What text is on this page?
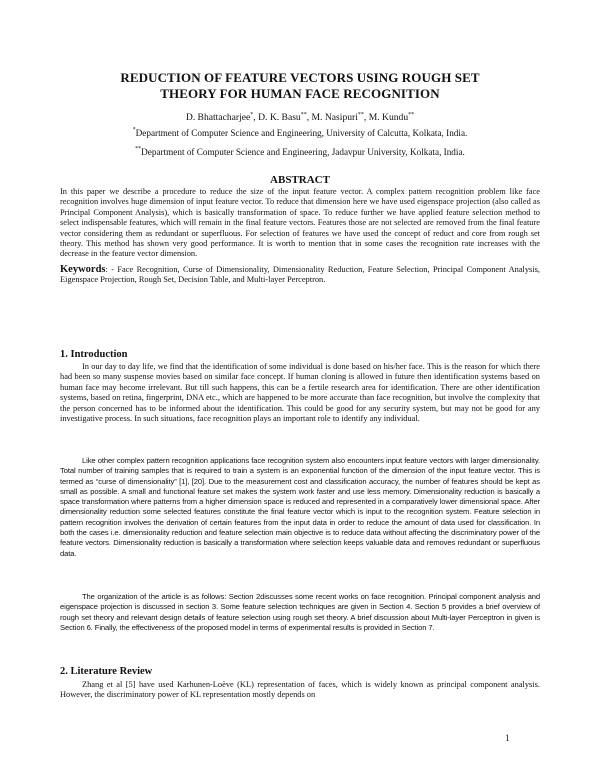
REDUCTION OF FEATURE VECTORS USING ROUGH SET
THEORY FOR HUMAN FACE RECOGNITION
D. Bhattacharjee*, D. K. Basu**, M. Nasipuri**, M. Kundu**
*Department of Computer Science and Engineering, University of Calcutta, Kolkata, India.
**Department of Computer Science and Engineering, Jadavpur University, Kolkata, India.
ABSTRACT

In this paper we describe a procedure to reduce the size of the input feature vector. A complex pattern recognition problem like face recognition involves huge dimension of input feature vector. To reduce that dimension here we have used eigenspace projection (also called as Principal Component Analysis), which is basically transformation of space. To reduce further we have applied feature selection method to select indispensable features, which will remain in the final feature vectors. Features those are not selected are removed from the final feature vector considering them as redundant or superfluous. For selection of features we have used the concept of reduct and core from rough set theory. This method has shown very good performance. It is worth to mention that in some cases the recognition rate increases with the decrease in the feature vector dimension.

Keywords: - Face Recognition, Curse of Dimensionality, Dimensionality Reduction, Feature Selection, Principal Component Analysis, Eigenspace Projection, Rough Set, Decision Table, and Multi-layer Perceptron.

1. Introduction

In our day to day life, we find that the identification of some individual is done based on his/her face. This is the reason for which there had been so many suspense movies based on similar face concept. If human cloning is allowed in future then identification systems based on human face may become irrelevant. But till such happens, this can be a fertile research area for identification. There are other identification systems, based on retina, fingerprint, DNA etc., which are happened to be more accurate than face recognition, but involve the complexity that the person concerned has to be informed about the identification. This could be good for any security system, but may not be good for any investigative process. In such situations, face recognition plays an important role to identify any individual.

Like other complex pattern recognition applications face recognition system also encounters input feature vectors with larger dimensionality. Total number of training samples that is required to train a system is an exponential function of the dimension of the input feature vector. This is termed as “curse of dimensionality” [1], [20]. Due to the measurement cost and classification accuracy, the number of features should be kept as small as possible. A small and functional feature set makes the system work faster and use less memory. Dimensionality reduction is basically a space transformation where patterns from a higher dimension space is reduced and represented in a comparatively lower dimensional space. After dimensionality reduction some selected features constitute the final feature vector which is input to the recognition system. Feature selection in pattern recognition involves the derivation of certain features from the input data in order to reduce the amount of data used for classification. In both the cases i.e. dimensionality reduction and feature selection main objective is to reduce data without affecting the discriminatory power of the feature vectors. Dimensionality reduction is basically a transformation where selection keeps valuable data and removes redundant or superfluous data.

The organization of the article is as follows: Section 2discusses some recent works on face recognition. Principal component analysis and eigenspace projection is discussed in section 3. Some feature selection techniques are given in Section 4. Section 5 provides a brief overview of rough set theory and relevant design details of feature selection using rough set theory. A brief discussion about Multi-layer Perceptron in given is Section 6. Finally, the effectiveness of the proposed model in terms of experimental results is provided in Section 7.

2. Literature Review

Zhang et al [5] have used Karhunen-Loève (KL) representation of faces, which is widely known as principal component analysis. However, the discriminatory power of KL representation mostly depends on

1
